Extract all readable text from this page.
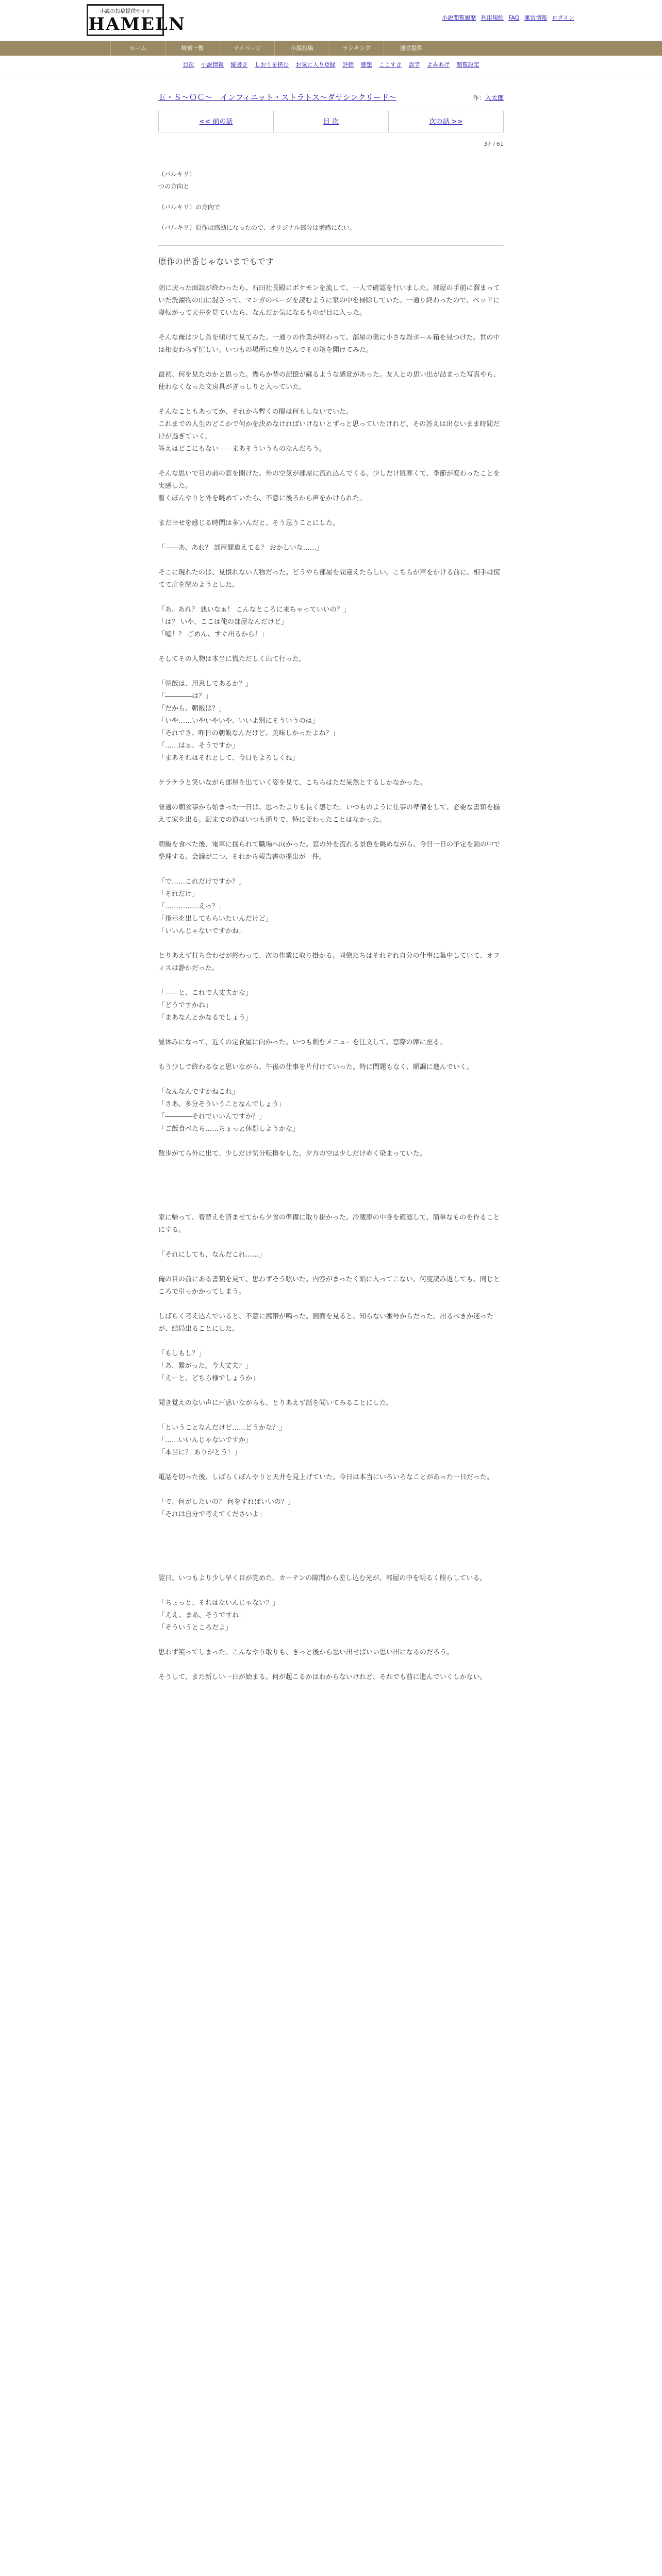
小説の投稿提供サイト
HAMELN	小説閲覧履歴 利用規約 FAQ 運営情報 ログイン
ホーム	検索一覧	マイページ	小説投稿	ランキング	運営提供
目次 小説情報 縦書き しおりを挟む お気に入り登録 評価 感想 ここすき 誤字 よみあげ 閲覧設定
Ｅ・Ｓ～ＯＣ～　インフィニット・ストラトス～ダサシンクリード～	作：入太郎
<< 前の話	目 次	次の話 >>
37 / 61
（バルキリ）
つの方向と
（バルキリ）の方向で
（バルキリ）原作は感動になったので、オリジナル部分は増感にない。
原作の出番じゃないまでもです

朝に戻った面談が終わったら、石田社長殿にポケモンを流して、一人で確認を行いました。部屋の手前に溜まっていた洗濯物の山に混ざって、マンガのページを読むように家の中を掃除していた。一通り終わったので、ベッドに寝転がって天井を見ていたら、なんだか気になるものが目に入った。

そんな俺は少し首を傾けて見てみた。一通りの作業が終わって、部屋の奥に小さな段ボール箱を見つけた。世の中は相変わらず忙しい。いつもの場所に座り込んでその箱を開けてみた。

最初、何を見たのかと思った。幾らか昔の記憶が蘇るような感覚があった。友人との思い出が詰まった写真やら、使わなくなった文房具がぎっしりと入っていた。

そんなこともあってか、それから暫くの間は何もしないでいた。
これまでの人生のどこかで何かを決めなければいけないとずっと思っていたけれど、その答えは出ないまま時間だけが過ぎていく。
答えはどこにもない――まあそういうものなんだろう。

そんな思いで目の前の窓を開けた。外の空気が部屋に流れ込んでくる。少しだけ肌寒くて、季節が変わったことを実感した。
暫くぼんやりと外を眺めていたら、不意に後ろから声をかけられた。

まだ幸せを感じる時間は多いんだと、そう思うことにした。

「――あ、あれ？ 部屋間違えてる？ おかしいな……」

そこに現れたのは、見慣れない人物だった。どうやら部屋を間違えたらしい。こちらが声をかける前に、相手は慌てて扉を閉めようとした。

「あ、あれ？ 悪いなぁ！ こんなところに来ちゃっていいの？」
「は？ いや、ここは俺の部屋なんだけど」
「嘘！？ ごめん、すぐ出るから！」

そしてその人物は本当に慌ただしく出て行った。

「朝飯は、用意してあるか？」
「――――は？」
「だから、朝飯は？」
「いや……いやいやいや、いいよ別にそういうのは」
「それでさ、昨日の朝飯なんだけど、美味しかったよね？」
「……はぁ、そうですか」
「まあそれはそれとして、今日もよろしくね」

ケラケラと笑いながら部屋を出ていく姿を見て、こちらはただ呆然とするしかなかった。

普通の朝食事から始まった一日は、思ったよりも長く感じた。いつものように仕事の準備をして、必要な書類を揃えて家を出る。駅までの道はいつも通りで、特に変わったことはなかった。

朝飯を食べた後、電車に揺られて職場へ向かった。窓の外を流れる景色を眺めながら、今日一日の予定を頭の中で整理する。会議が二つ、それから報告書の提出が一件。

「で……これだけですか？」
「それだけ」
「……………えっ？」
「指示を出してもらいたいんだけど」
「いいんじゃないですかね」

とりあえず打ち合わせが終わって、次の作業に取り掛かる。同僚たちはそれぞれ自分の仕事に集中していて、オフィスは静かだった。

「――と、これで大丈夫かな」
「どうですかね」
「まあなんとかなるでしょう」

昼休みになって、近くの定食屋に向かった。いつも頼むメニューを注文して、窓際の席に座る。

もう少しで終わるなと思いながら、午後の仕事を片付けていった。特に問題もなく、順調に進んでいく。

「なんなんですかねこれ」
「さあ、多分そういうことなんでしょう」
「――――それでいいんですか？」
「ご飯食べたら……ちょっと休憩しようかな」

散歩がてら外に出て、少しだけ気分転換をした。夕方の空は少しだけ赤く染まっていた。

家に帰って、着替えを済ませてから夕食の準備に取り掛かった。冷蔵庫の中身を確認して、簡単なものを作ることにする。

「それにしても、なんだこれ……」

俺の目の前にある書類を見て、思わずそう呟いた。内容がまったく頭に入ってこない。何度読み返しても、同じところで引っかかってしまう。

しばらく考え込んでいると、不意に携帯が鳴った。画面を見ると、知らない番号からだった。出るべきか迷ったが、結局出ることにした。

「もしもし？」
「あ、繋がった。今大丈夫？」
「えーと、どちら様でしょうか」

聞き覚えのない声に戸惑いながらも、とりあえず話を聞いてみることにした。

「ということなんだけど……どうかな？」
「……いいんじゃないですか」
「本当に？ ありがとう！」

電話を切った後、しばらくぼんやりと天井を見上げていた。今日は本当にいろいろなことがあった一日だった。

「で、何がしたいの？ 何をすればいいの？」
「それは自分で考えてくださいよ」

翌日、いつもより少し早く目が覚めた。カーテンの隙間から差し込む光が、部屋の中を明るく照らしている。

「ちょっと、それはないんじゃない？」
「ええ、まあ、そうですね」
「そういうところだよ」

思わず笑ってしまった。こんなやり取りも、きっと後から思い出せばいい思い出になるのだろう。

そうして、また新しい一日が始まる。何が起こるかはわからないけれど、それでも前に進んでいくしかない。
